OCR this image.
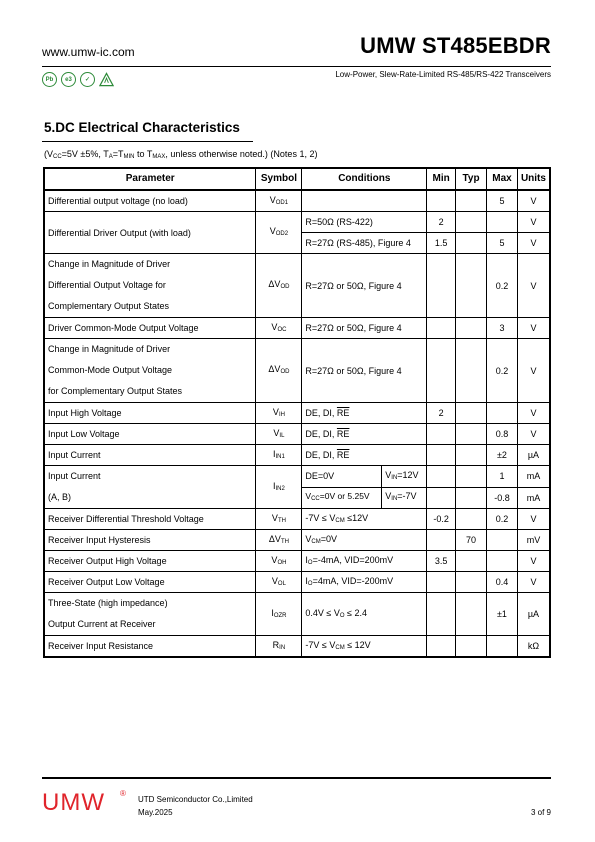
www.umw-ic.com	UMW ST485EBDR
Low-Power, Slew-Rate-Limited RS-485/RS-422 Transceivers
Pb	e3	✓
5.DC Electrical Characteristics
($V_{CC}=5V \pm 5\%$, $T_A=T_{MIN}$ to $T_{MAX}$, unless otherwise noted.) (Notes 1, 2)
Parameter	Symbol	Conditions		Min	Typ	Max	Units
Differential output voltage (no load)	$V_{OD1}$					5	V
Differential Driver Output (with load)	$V_{OD2}$	R=50Ω (RS-422)		2			V
		R=27Ω (RS-485), Figure 4		1.5		5	V
Change in Magnitude of Driver
Differential Output Voltage for
Complementary Output States	$\Delta V_{OD}$	R=27Ω or 50Ω, Figure 4				0.2	V
Driver Common-Mode Output Voltage	$V_{OC}$	R=27Ω or 50Ω, Figure 4				3	V
Change in Magnitude of Driver
Common-Mode Output Voltage
for Complementary Output States	$\Delta V_{OD}$	R=27Ω or 50Ω, Figure 4				0.2	V
Input High Voltage	$V_{IH}$	DE, DI, $\overline{RE}$		2			V
Input Low Voltage	$V_{IL}$	DE, DI, $\overline{RE}$				0.8	V
Input Current	$I_{IN1}$	DE, DI, $\overline{RE}$				±2	µA
Input Current
(A, B)	$I_{IN2}$	DE=0V	$V_{IN}=12V$			1	mA
		$V_{CC}=0V$ or 5.25V	$V_{IN}=-7V$			-0.8	mA
Receiver Differential Threshold Voltage	$V_{TH}$	$-7V \le V_{CM} \le 12V$		-0.2		0.2	V
Receiver Input Hysteresis	$\Delta V_{TH}$	$V_{CM}=0V$			70		mV
Receiver Output High Voltage	$V_{OH}$	$I_O=-4mA$, VID=200mV		3.5			V
Receiver Output Low Voltage	$V_{OL}$	$I_O=4mA$, VID=-200mV				0.4	V
Three-State (high impedance)
Output Current at Receiver	$I_{OZR}$	$0.4V \le V_O \le 2.4$				±1	µA
Receiver Input Resistance	$R_{IN}$	$-7V \le V_{CM} \le 12V$					kΩ
UMW ®
UTD Semiconductor Co.,Limited
May.2025	3 of 9
